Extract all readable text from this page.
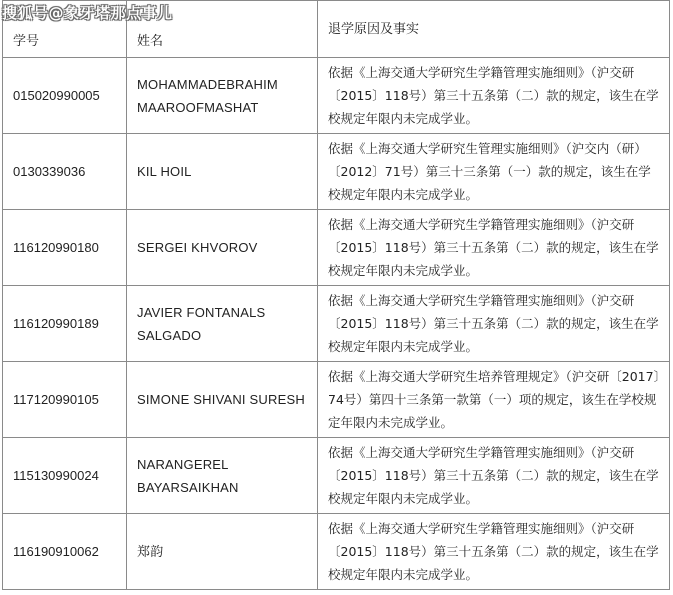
学号	姓名	退学原因及事实
015020990005	MOHAMMADEBRAHIM MAAROOFMASHAT	依据《上海交通大学研究生学籍管理实施细则》（沪交研〔2015〕118号）第三十五条第（二）款的规定，该生在学校规定年限内未完成学业。
0130339036	KIL HOIL	依据《上海交通大学研究生管理实施细则》（沪交内（研）〔2012〕71号）第三十三条第（一）款的规定，该生在学校规定年限内未完成学业。
116120990180	SERGEI KHVOROV	依据《上海交通大学研究生学籍管理实施细则》（沪交研〔2015〕118号）第三十五条第（二）款的规定，该生在学校规定年限内未完成学业。
116120990189	JAVIER FONTANALS SALGADO	依据《上海交通大学研究生学籍管理实施细则》（沪交研〔2015〕118号）第三十五条第（二）款的规定，该生在学校规定年限内未完成学业。
117120990105	SIMONE SHIVANI SURESH	依据《上海交通大学研究生培养管理规定》（沪交研〔2017〕74号）第四十三条第一款第（一）项的规定，该生在学校规定年限内未完成学业。
115130990024	NARANGEREL BAYARSAIKHAN	依据《上海交通大学研究生学籍管理实施细则》（沪交研〔2015〕118号）第三十五条第（二）款的规定，该生在学校规定年限内未完成学业。
116190910062	郑韵	依据《上海交通大学研究生学籍管理实施细则》（沪交研〔2015〕118号）第三十五条第（二）款的规定，该生在学校规定年限内未完成学业。
搜狐号@象牙塔那点事儿
